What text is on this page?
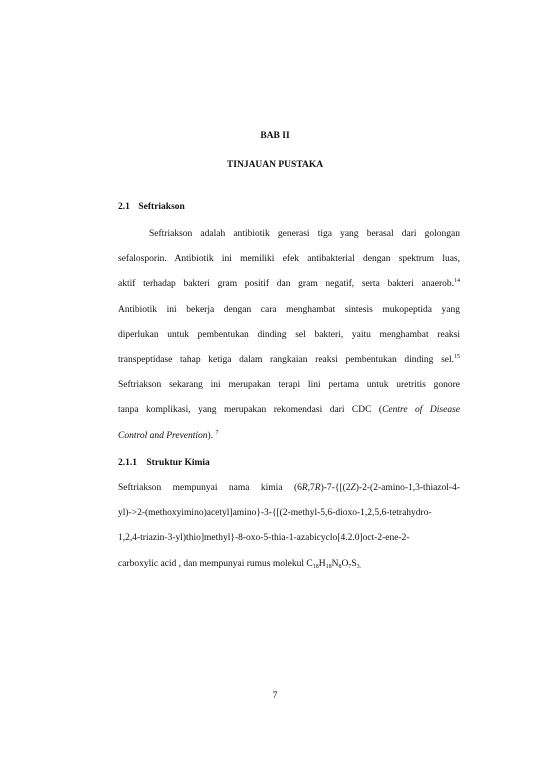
BAB II
TINJAUAN PUSTAKA
2.1 Seftriakson
Seftriakson adalah antibiotik generasi tiga yang berasal dari golongan
sefalosporin. Antibiotik ini memiliki efek antibakterial dengan spektrum luas,
aktif terhadap bakteri gram positif dan gram negatif, serta bakteri anaerob.$^{14}$
Antibiotik ini bekerja dengan cara menghambat sintesis mukopeptida yang
diperlukan untuk pembentukan dinding sel bakteri, yaitu menghambat reaksi
transpeptidase tahap ketiga dalam rangkaian reaksi pembentukan dinding sel.$^{15}$
Seftriakson sekarang ini merupakan terapi lini pertama untuk uretritis gonore
tanpa komplikasi, yang merupakan rekomendasi dari CDC (Centre of Disease
Control and Prevention). $^7$
2.1.1 Struktur Kimia
Seftriakson mempunyai nama kimia (6R,7R)-7-{[(2Z)-2-(2-amino-1,3-thiazol-4-
yl)->2-(methoxyimino)acetyl]amino}-3-{[(2-methyl-5,6-dioxo-1,2,5,6-tetrahydro-
1,2,4-triazin-3-yl)thio]methyl}-8-oxo-5-thia-1-azabicyclo[4.2.0]oct-2-ene-2-
carboxylic acid , dan mempunyai rumus molekul $C_{18}H_{18}N_8O_7S_{3.}$
7
